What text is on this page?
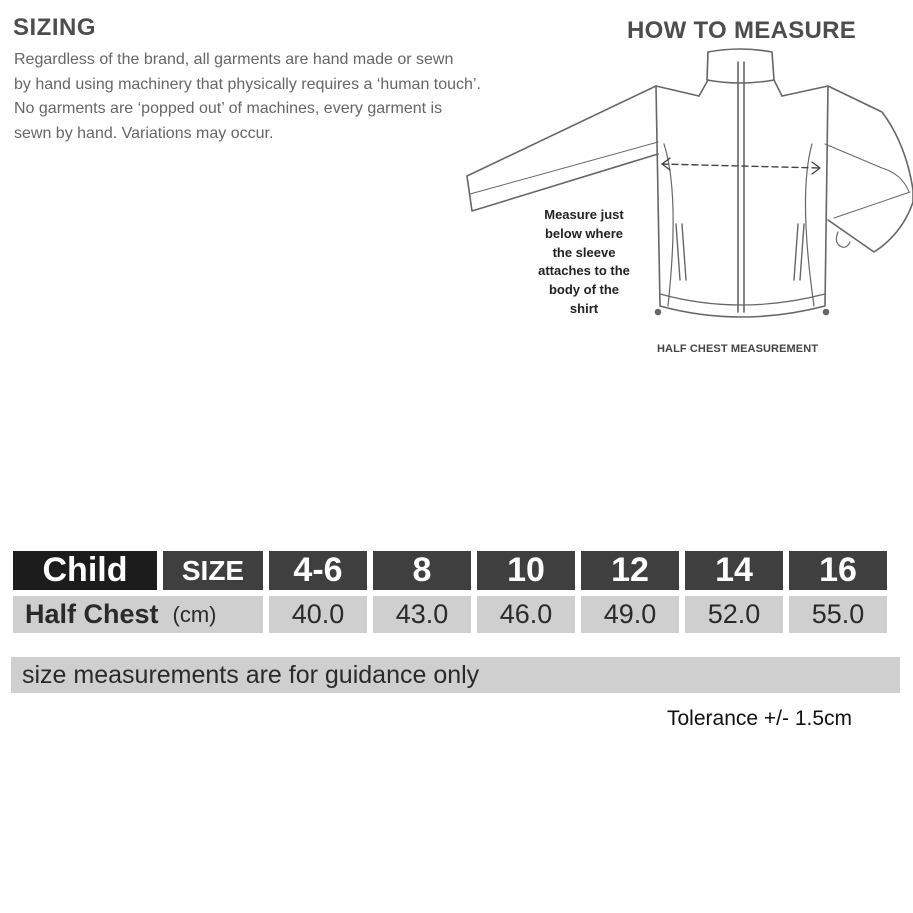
SIZING
Regardless of the brand, all garments are hand made or sewn
by hand using machinery that physically requires a ‘human touch’.
No garments are ‘popped out’ of machines, every garment is
sewn by hand. Variations may occur.
HOW TO MEASURE
Measure just
below where
the sleeve
attaches to the
body of the
shirt
HALF CHEST MEASUREMENT
Child	SIZE	4-6	8	10	12	14	16
Half Chest (cm)	40.0	43.0	46.0	49.0	52.0	55.0
size measurements are for guidance only
Tolerance +/- 1.5cm
